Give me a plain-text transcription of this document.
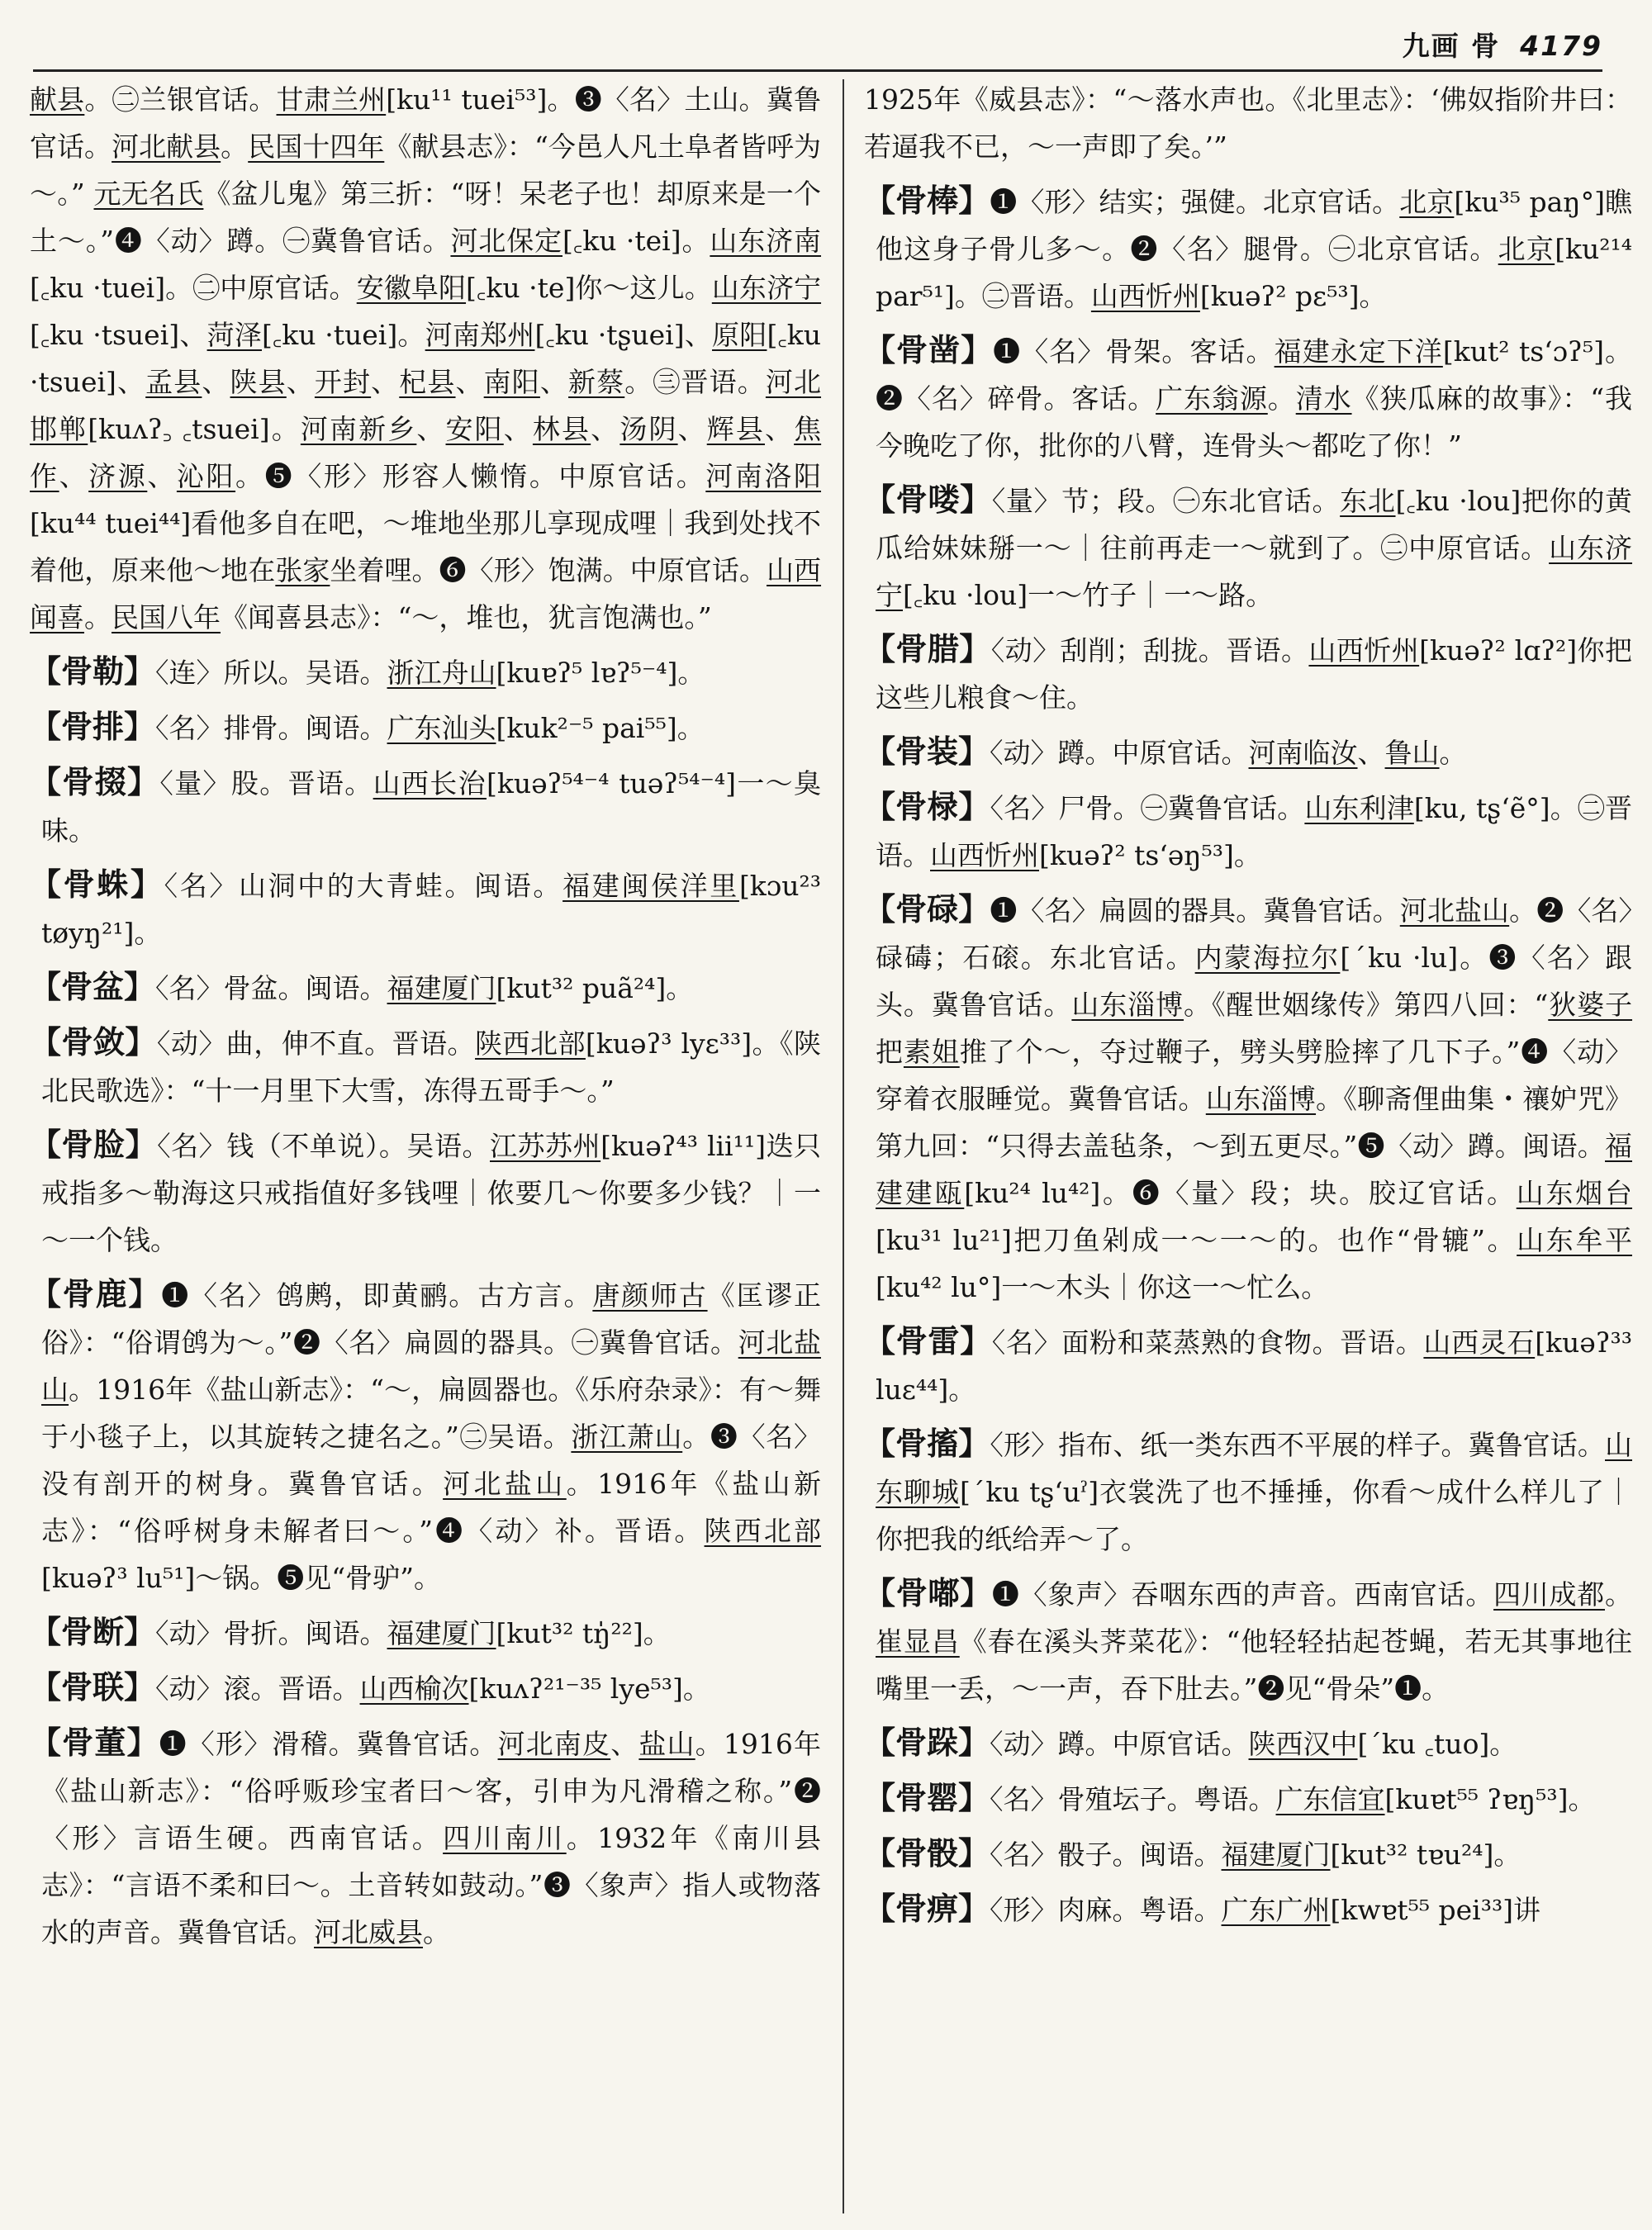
九画 骨 4179

献县。㊁兰银官话。甘肃兰州[ku¹¹ tuei⁵³]。❸〈名〉土山。冀鲁官话。河北献县。民国十四年《献县志》：“今邑人凡土阜者皆呼为～。” 元无名氏《盆儿鬼》第三折：“呀！呆老子也！却原来是一个土～。”❹〈动〉蹲。㊀冀鲁官话。河北保定[꜀ku ·tei]。山东济南[꜀ku ·tuei]。㊁中原官话。安徽阜阳[꜀ku ·te]你～这儿。山东济宁[꜀ku ·tsuei]、菏泽[꜀ku ·tuei]。河南郑州[꜀ku ·tʂuei]、原阳[꜀ku ·tsuei]、孟县、陕县、开封、杞县、南阳、新蔡。㊂晋语。河北邯郸[kuʌʔ꜆ ꜀tsuei]。河南新乡、安阳、林县、汤阴、辉县、焦作、济源、沁阳。❺〈形〉形容人懒惰。中原官话。河南洛阳[ku⁴⁴ tuei⁴⁴]看他多自在吧，～堆地坐那儿享现成哩｜我到处找不着他，原来他～地在张家坐着哩。❻〈形〉饱满。中原官话。山西闻喜。民国八年《闻喜县志》：“～，堆也，犹言饱满也。”

【骨勒】〈连〉所以。吴语。浙江舟山[kuɐʔ⁵ lɐʔ⁵⁻⁴]。

【骨排】〈名〉排骨。闽语。广东汕头[kuk²⁻⁵ pai⁵⁵]。

【骨掇】〈量〉股。晋语。山西长治[kuəʔ⁵⁴⁻⁴ tuəʔ⁵⁴⁻⁴]一～臭味。

【骨蛛】〈名〉山洞中的大青蛙。闽语。福建闽侯洋里[kɔu²³ tøyŋ²¹]。

【骨盆】〈名〉骨盆。闽语。福建厦门[kut³² puã²⁴]。

【骨敛】〈动〉曲，伸不直。晋语。陕西北部[kuəʔ³ lyɛ³³]。《陕北民歌选》：“十一月里下大雪，冻得五哥手～。”

【骨脸】〈名〉钱（不单说）。吴语。江苏苏州[kuəʔ⁴³ lii¹¹]迭只戒指多～勒海这只戒指值好多钱哩｜侬要几～你要多少钱？｜一～一个钱。

【骨鹿】❶〈名〉鸧鹒，即黄鹂。古方言。唐颜师古《匡谬正俗》：“俗谓鸧为～。”❷〈名〉扁圆的器具。㊀冀鲁官话。河北盐山。1916年《盐山新志》：“～，扁圆器也。《乐府杂录》：有～舞于小毯子上，以其旋转之捷名之。”㊁吴语。浙江萧山。❸〈名〉没有剖开的树身。冀鲁官话。河北盐山。1916年《盐山新志》：“俗呼树身未解者曰～。”❹〈动〉补。晋语。陕西北部[kuəʔ³ lu⁵¹]～锅。❺见“骨驴”。

【骨断】〈动〉骨折。闽语。福建厦门[kut³² tŋ̍²²]。

【骨联】〈动〉滚。晋语。山西榆次[kuʌʔ²¹⁻³⁵ lye⁵³]。

【骨董】❶〈形〉滑稽。冀鲁官话。河北南皮、盐山。1916年《盐山新志》：“俗呼贩珍宝者曰～客，引申为凡滑稽之称。”❷〈形〉言语生硬。西南官话。四川南川。1932年《南川县志》：“言语不柔和曰～。土音转如鼓动。”❸〈象声〉指人或物落水的声音。冀鲁官话。河北威县。

1925年《威县志》：“～落水声也。《北里志》：‘佛奴指阶井曰：若逼我不已，～一声即了矣。’”

【骨棒】❶〈形〉结实；强健。北京官话。北京[ku³⁵ paŋ°]瞧他这身子骨儿多～。❷〈名〉腿骨。㊀北京官话。北京[ku²¹⁴ par⁵¹]。㊁晋语。山西忻州[kuəʔ² pɛ⁵³]。

【骨凿】❶〈名〉骨架。客话。福建永定下洋[kut² tsʻɔʔ⁵]。❷〈名〉碎骨。客话。广东翁源。清水《狭瓜麻的故事》：“我今晚吃了你，批你的八臂，连骨头～都吃了你！”

【骨喽】〈量〉节；段。㊀东北官话。东北[꜀ku ·lou]把你的黄瓜给妹妹掰一～｜往前再走一～就到了。㊁中原官话。山东济宁[꜀ku ·lou]一～竹子｜一～路。

【骨腊】〈动〉刮削；刮拢。晋语。山西忻州[kuəʔ² lɑʔ²]你把这些儿粮食～住。

【骨装】〈动〉蹲。中原官话。河南临汝、鲁山。

【骨椂】〈名〉尸骨。㊀冀鲁官话。山东利津[ku, tʂʻẽ°]。㊁晋语。山西忻州[kuəʔ² tsʻəŋ⁵³]。

【骨碌】❶〈名〉扁圆的器具。冀鲁官话。河北盐山。❷〈名〉碌碡；石磙。东北官话。内蒙海拉尔[ˊku ·lu]。❸〈名〉跟头。冀鲁官话。山东淄博。《醒世姻缘传》第四八回：“狄婆子把素姐推了个～，夺过鞭子，劈头劈脸摔了几下子。”❹〈动〉穿着衣服睡觉。冀鲁官话。山东淄博。《聊斋俚曲集・禳妒咒》第九回：“只得去盖毡条，～到五更尽。”❺〈动〉蹲。闽语。福建建瓯[ku²⁴ lu⁴²]。❻〈量〉段；块。胶辽官话。山东烟台[ku³¹ lu²¹]把刀鱼剁成一～一～的。也作“骨辘”。山东牟平[ku⁴² lu°]一～木头｜你这一～忙么。

【骨雷】〈名〉面粉和菜蒸熟的食物。晋语。山西灵石[kuəʔ³³ luɛ⁴⁴]。

【骨搐】〈形〉指布、纸一类东西不平展的样子。冀鲁官话。山东聊城[ˊku tʂʻuˀ]衣裳洗了也不捶捶，你看～成什么样儿了｜你把我的纸给弄～了。

【骨嘟】❶〈象声〉吞咽东西的声音。西南官话。四川成都。崔显昌《春在溪头荠菜花》：“他轻轻拈起苍蝇，若无其事地往嘴里一丢，～一声，吞下肚去。”❷见“骨朵”❶。

【骨跺】〈动〉蹲。中原官话。陕西汉中[ˊku ꜀tuo]。

【骨罂】〈名〉骨殖坛子。粤语。广东信宜[kuɐt⁵⁵ ʔɐŋ⁵³]。

【骨骰】〈名〉骰子。闽语。福建厦门[kut³² tɐu²⁴]。

【骨痹】〈形〉肉麻。粤语。广东广州[kwɐt⁵⁵ pei³³]讲
